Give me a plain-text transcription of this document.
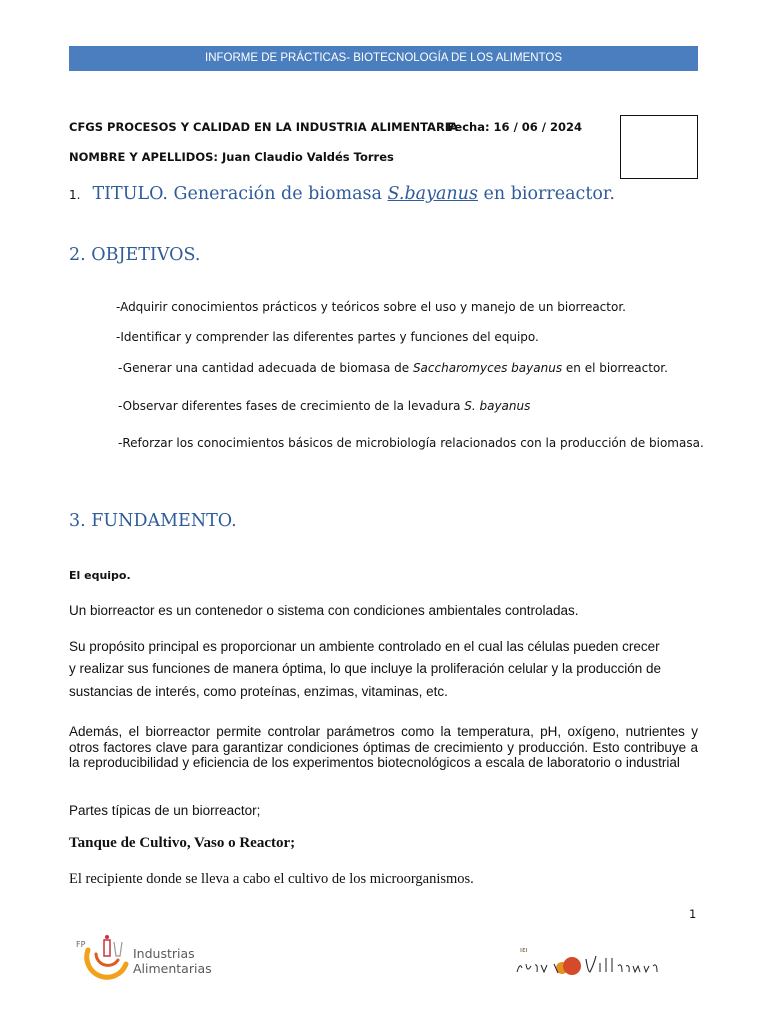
INFORME DE PRÁCTICAS- BIOTECNOLOGÍA DE LOS ALIMENTOS
CFGS PROCESOS Y CALIDAD EN LA INDUSTRIA ALIMENTARIA
Fecha: 16 / 06 / 2024
NOMBRE Y APELLIDOS: Juan Claudio Valdés Torres
1. TITULO. Generación de biomasa S.bayanus en biorreactor.
2. OBJETIVOS.
-Adquirir conocimientos prácticos y teóricos sobre el uso y manejo de un biorreactor.
-Identificar y comprender las diferentes partes y funciones del equipo.
-Generar una cantidad adecuada de biomasa de Saccharomyces bayanus en el biorreactor.
-Observar diferentes fases de crecimiento de la levadura S. bayanus
-Reforzar los conocimientos básicos de microbiología relacionados con la producción de biomasa.
3. FUNDAMENTO.
El equipo.
Un biorreactor es un contenedor o sistema con condiciones ambientales controladas.
Su propósito principal es proporcionar un ambiente controlado en el cual las células pueden crecer
y realizar sus funciones de manera óptima, lo que incluye la proliferación celular y la producción de
sustancias de interés, como proteínas, enzimas, vitaminas, etc.
Además, el biorreactor permite controlar parámetros como la temperatura, pH, oxígeno, nutrientes y otros factores clave para garantizar condiciones óptimas de crecimiento y producción. Esto contribuye a la reproducibilidad y eficiencia de los experimentos biotecnológicos a escala de laboratorio o industrial
Partes típicas de un biorreactor;
Tanque de Cultivo, Vaso o Reactor;
El recipiente donde se lleva a cabo el cultivo de los microorganismos.
1
FP
Industrias
Alimentarias
ıɛı
